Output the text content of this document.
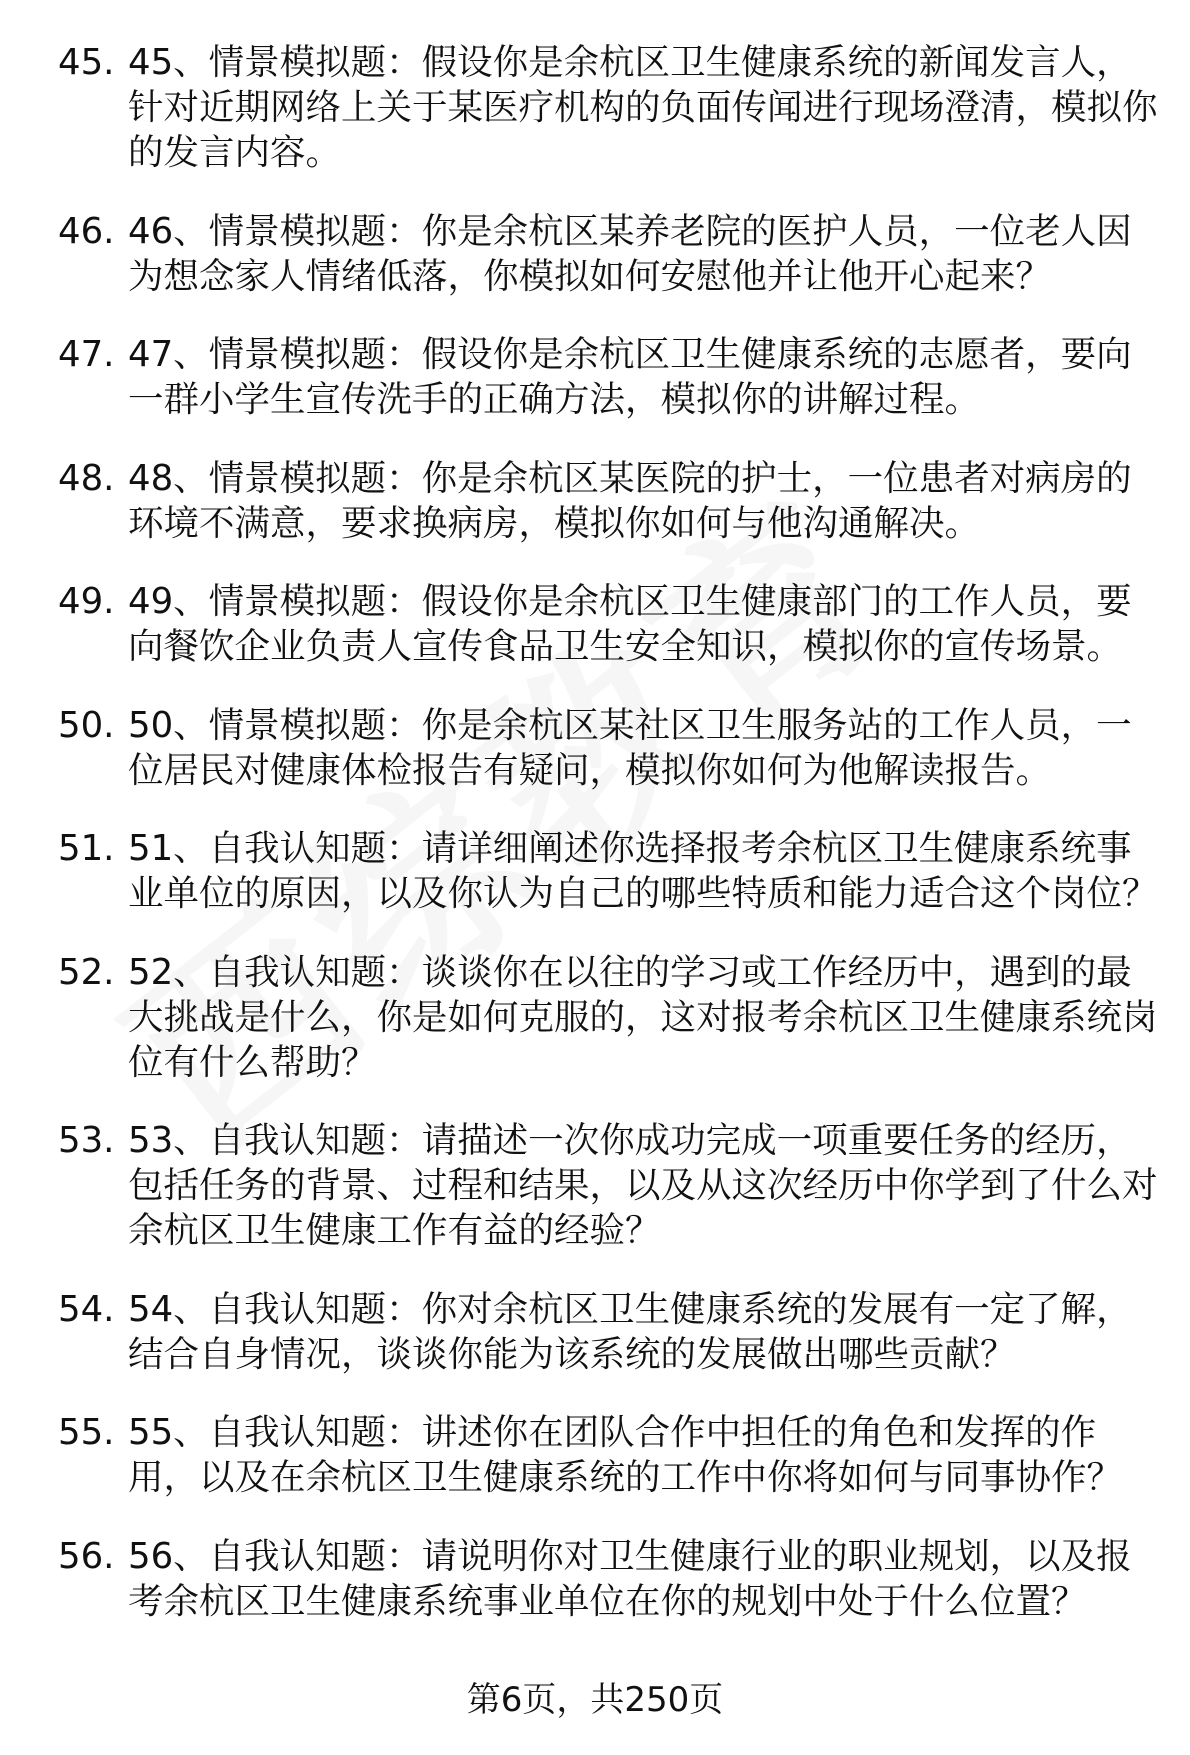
45. 45、情景模拟题：假设你是余杭区卫生健康系统的新闻发言人，针对近期网络上关于某医疗机构的负面传闻进行现场澄清，模拟你的发言内容。
46. 46、情景模拟题：你是余杭区某养老院的医护人员，一位老人因为想念家人情绪低落，你模拟如何安慰他并让他开心起来？
47. 47、情景模拟题：假设你是余杭区卫生健康系统的志愿者，要向一群小学生宣传洗手的正确方法，模拟你的讲解过程。
48. 48、情景模拟题：你是余杭区某医院的护士，一位患者对病房的环境不满意，要求换病房，模拟你如何与他沟通解决。
49. 49、情景模拟题：假设你是余杭区卫生健康部门的工作人员，要向餐饮企业负责人宣传食品卫生安全知识，模拟你的宣传场景。
50. 50、情景模拟题：你是余杭区某社区卫生服务站的工作人员，一位居民对健康体检报告有疑问，模拟你如何为他解读报告。
51. 51、自我认知题：请详细阐述你选择报考余杭区卫生健康系统事业单位的原因，以及你认为自己的哪些特质和能力适合这个岗位？
52. 52、自我认知题：谈谈你在以往的学习或工作经历中，遇到的最大挑战是什么，你是如何克服的，这对报考余杭区卫生健康系统岗位有什么帮助？
53. 53、自我认知题：请描述一次你成功完成一项重要任务的经历，包括任务的背景、过程和结果，以及从这次经历中你学到了什么对余杭区卫生健康工作有益的经验？
54. 54、自我认知题：你对余杭区卫生健康系统的发展有一定了解，结合自身情况，谈谈你能为该系统的发展做出哪些贡献？
55. 55、自我认知题：讲述你在团队合作中担任的角色和发挥的作用，以及在余杭区卫生健康系统的工作中你将如何与同事协作？
56. 56、自我认知题：请说明你对卫生健康行业的职业规划，以及报考余杭区卫生健康系统事业单位在你的规划中处于什么位置？
第6页，共250页
